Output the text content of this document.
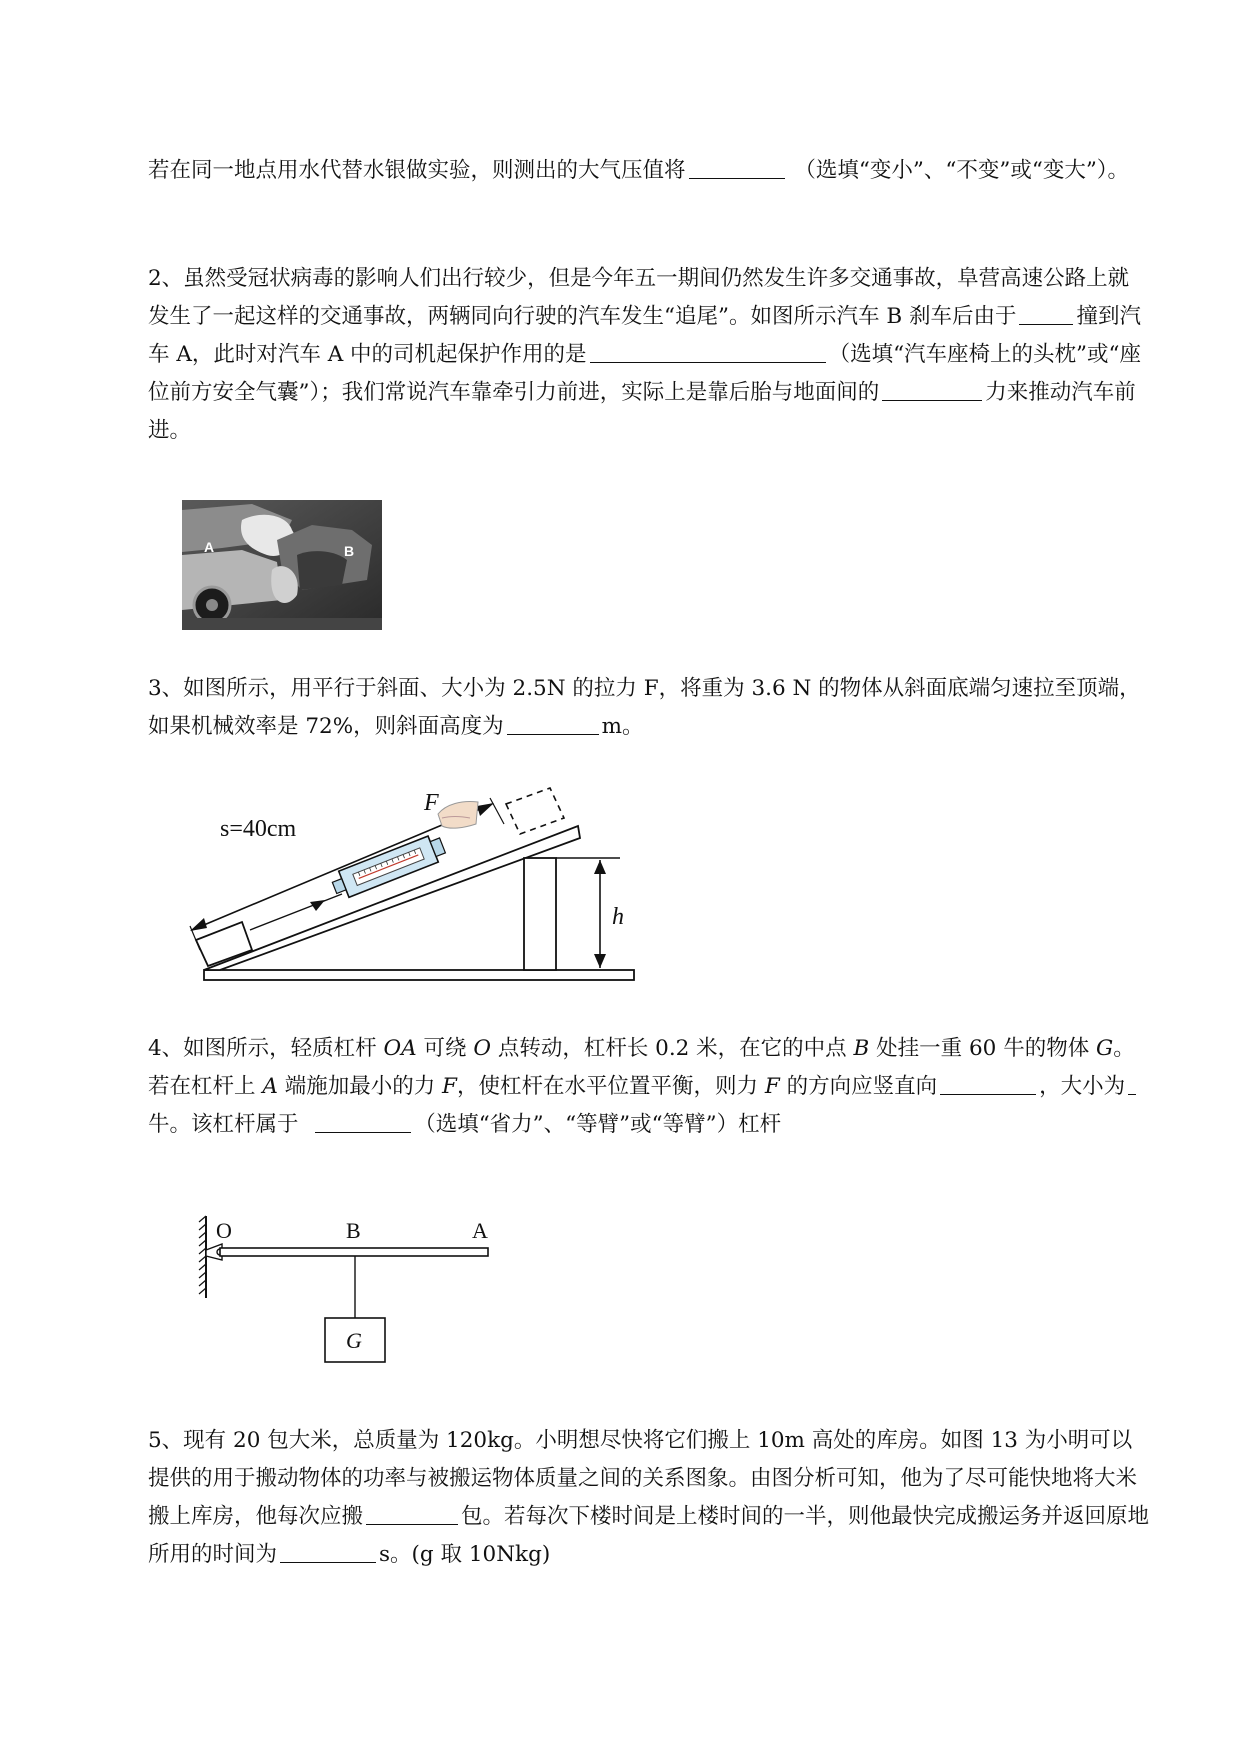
若在同一地点用水代替水银做实验，则测出的大气压值将	（选填“变小”、“不变”或“变大”）。

2、虽然受冠状病毒的影响人们出行较少，但是今年五一期间仍然发生许多交通事故，阜营高速公路上就发生了一起这样的交通事故，两辆同向行驶的汽车发生“追尾”。如图所示汽车 B 刹车后由于	撞到汽车 A，此时对汽车 A 中的司机起保护作用的是	（选填“汽车座椅上的头枕”或“座位前方安全气囊”）；我们常说汽车靠牵引力前进，实际上是靠后胎与地面间的	力来推动汽车前进。

A	B

3、如图所示，用平行于斜面、大小为 2.5N 的拉力 F，将重为 3.6 N 的物体从斜面底端匀速拉至顶端，如果机械效率是 72%，则斜面高度为	m。

F
s=40cm
h

4、如图所示，轻质杠杆 OA 可绕 O 点转动，杠杆长 0.2 米，在它的中点 B 处挂一重 60 牛的物体 G。若在杠杆上 A 端施加最小的力 F，使杠杆在水平位置平衡，则力 F 的方向应竖直向	，大小为牛。该杠杆属于	（选填“省力”、“等臂”或“等臂”）杠杆

G
O	B	A

5、现有 20 包大米，总质量为 120kg。小明想尽快将它们搬上 10m 高处的库房。如图 13 为小明可以提供的用于搬动物体的功率与被搬运物体质量之间的关系图象。由图分析可知，他为了尽可能快地将大米搬上库房，他每次应搬	包。若每次下楼时间是上楼时间的一半，则他最快完成搬运务并返回原地所用的时间为	s。(g 取 10Nkg)
